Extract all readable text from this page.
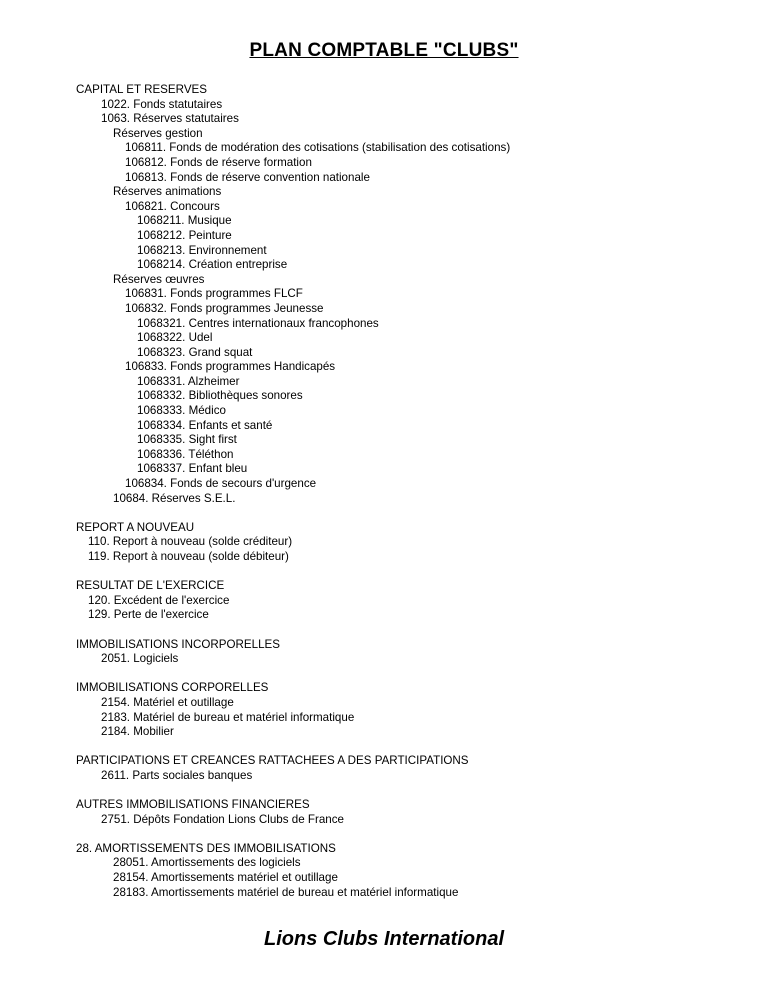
PLAN COMPTABLE "CLUBS"
CAPITAL ET RESERVES
1022. Fonds statutaires
1063. Réserves statutaires
Réserves gestion
106811. Fonds de modération des cotisations (stabilisation des cotisations)
106812. Fonds de réserve formation
106813. Fonds de réserve convention nationale
Réserves animations
106821. Concours
1068211. Musique
1068212. Peinture
1068213. Environnement
1068214. Création entreprise
Réserves œuvres
106831. Fonds programmes FLCF
106832. Fonds programmes Jeunesse
1068321. Centres internationaux francophones
1068322. Udel
1068323. Grand squat
106833. Fonds programmes Handicapés
1068331. Alzheimer
1068332. Bibliothèques sonores
1068333. Médico
1068334. Enfants et santé
1068335. Sight first
1068336. Téléthon
1068337. Enfant bleu
106834. Fonds de secours d'urgence
10684. Réserves S.E.L.
REPORT A NOUVEAU
110. Report à nouveau (solde créditeur)
119. Report à nouveau (solde débiteur)
RESULTAT DE L'EXERCICE
120. Excédent de l'exercice
129. Perte de l'exercice
IMMOBILISATIONS INCORPORELLES
2051. Logiciels
IMMOBILISATIONS CORPORELLES
2154. Matériel et outillage
2183. Matériel de bureau et matériel informatique
2184. Mobilier
PARTICIPATIONS ET CREANCES RATTACHEES A DES PARTICIPATIONS
2611. Parts sociales banques
AUTRES IMMOBILISATIONS FINANCIERES
2751. Dépôts Fondation Lions Clubs de France
28. AMORTISSEMENTS DES IMMOBILISATIONS
28051. Amortissements des logiciels
28154. Amortissements matériel et outillage
28183. Amortissements matériel de bureau et matériel informatique
Lions Clubs International
